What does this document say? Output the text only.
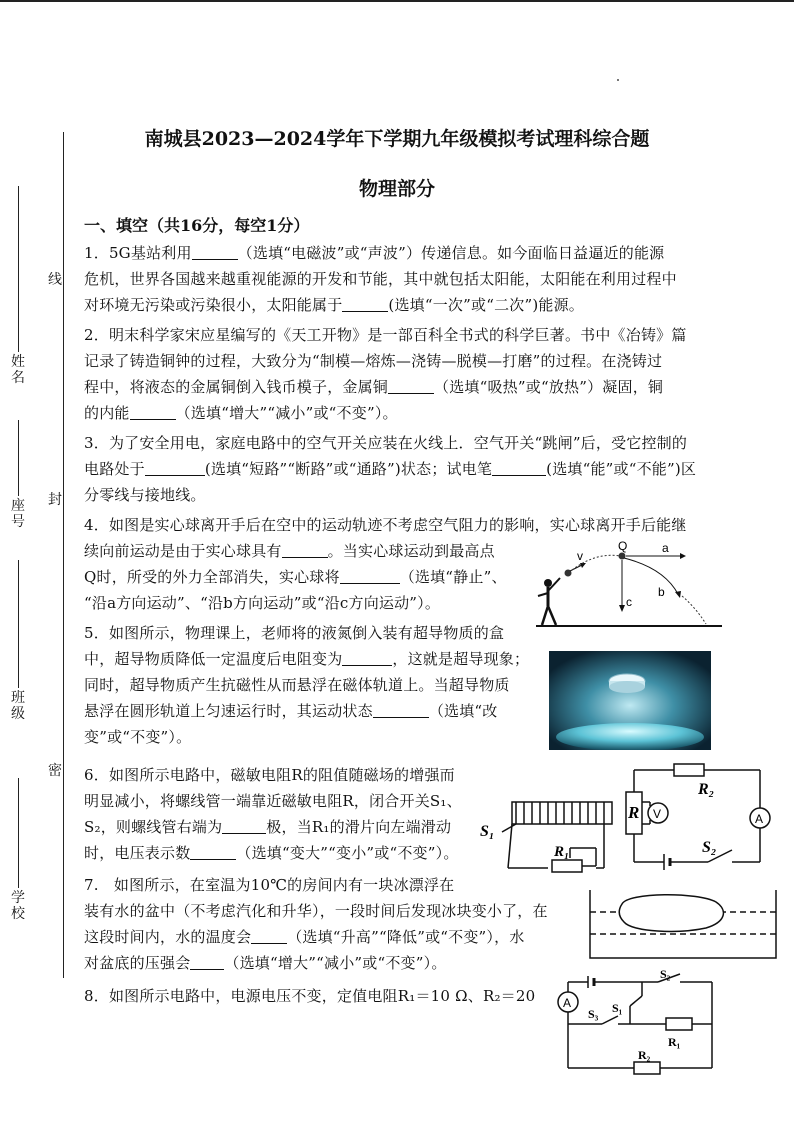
线
封
密
姓名
座号
班级
学校
南城县2023—2024学年下学期九年级模拟考试理科综合题
物理部分
一、填空（共16分，每空1分）
1．5G基站利用	（选填“电磁波”或“声波”）传递信息。如今面临日益逼近的能源
危机，世界各国越来越重视能源的开发和节能，其中就包括太阳能，太阳能在利用过程中
对环境无污染或污染很小，太阳能属于	(选填“一次”或“二次”)能源。
2．明末科学家宋应星编写的《天工开物》是一部百科全书式的科学巨著。书中《冶铸》篇
记录了铸造铜钟的过程，大致分为“制模—熔炼—浇铸—脱模—打磨”的过程。在浇铸过
程中，将液态的金属铜倒入钱币模子，金属铜	（选填“吸热”或“放热”）凝固，铜
的内能	（选填“增大”“减小”或“不变”）。
3．为了安全用电，家庭电路中的空气开关应装在火线上．空气开关“跳闸”后，受它控制的
电路处于	(选填“短路”“断路”或“通路”)状态；试电笔	(选填“能”或“不能”)区
分零线与接地线。
4．如图是实心球离开手后在空中的运动轨迹不考虑空气阻力的影响，实心球离开手后能继
续向前运动是由于实心球具有	。当实心球运动到最高点
Q时，所受的外力全部消失，实心球将	（选填“静止”、
“沿a方向运动”、“沿b方向运动”或“沿c方向运动”）。
v
Q	a
b
c
5．如图所示，物理课上，老师将的液氮倒入装有超导物质的盒
中，超导物质降低一定温度后电阻变为	，这就是超导现象；
同时，超导物质产生抗磁性从而悬浮在磁体轨道上。当超导物质
悬浮在圆形轨道上匀速运行时，其运动状态	（选填“改
变”或“不变”）。
6．如图所示电路中，磁敏电阻R的阻值随磁场的增强而
明显减小，将螺线管一端靠近磁敏电阻R，闭合开关S₁、
S₂，则螺线管右端为	极，当R₁的滑片向左端滑动
时，电压表示数	（选填“变大”“变小”或“不变”）。
R V
R₂
A
S₁
R₁	S₂
7.　如图所示，在室温为10℃的房间内有一块冰漂浮在
装有水的盆中（不考虑汽化和升华），一段时间后发现冰块变小了，在
这段时间内，水的温度会 （选填“升高”“降低”或“不变”），水
对盆底的压强会 （选填“增大”“减小”或“不变”）。
8．如图所示电路中，电源电压不变，定值电阻R₁＝10 Ω、R₂＝20
S₂
A
S₃ S₁
R₁
R₂
